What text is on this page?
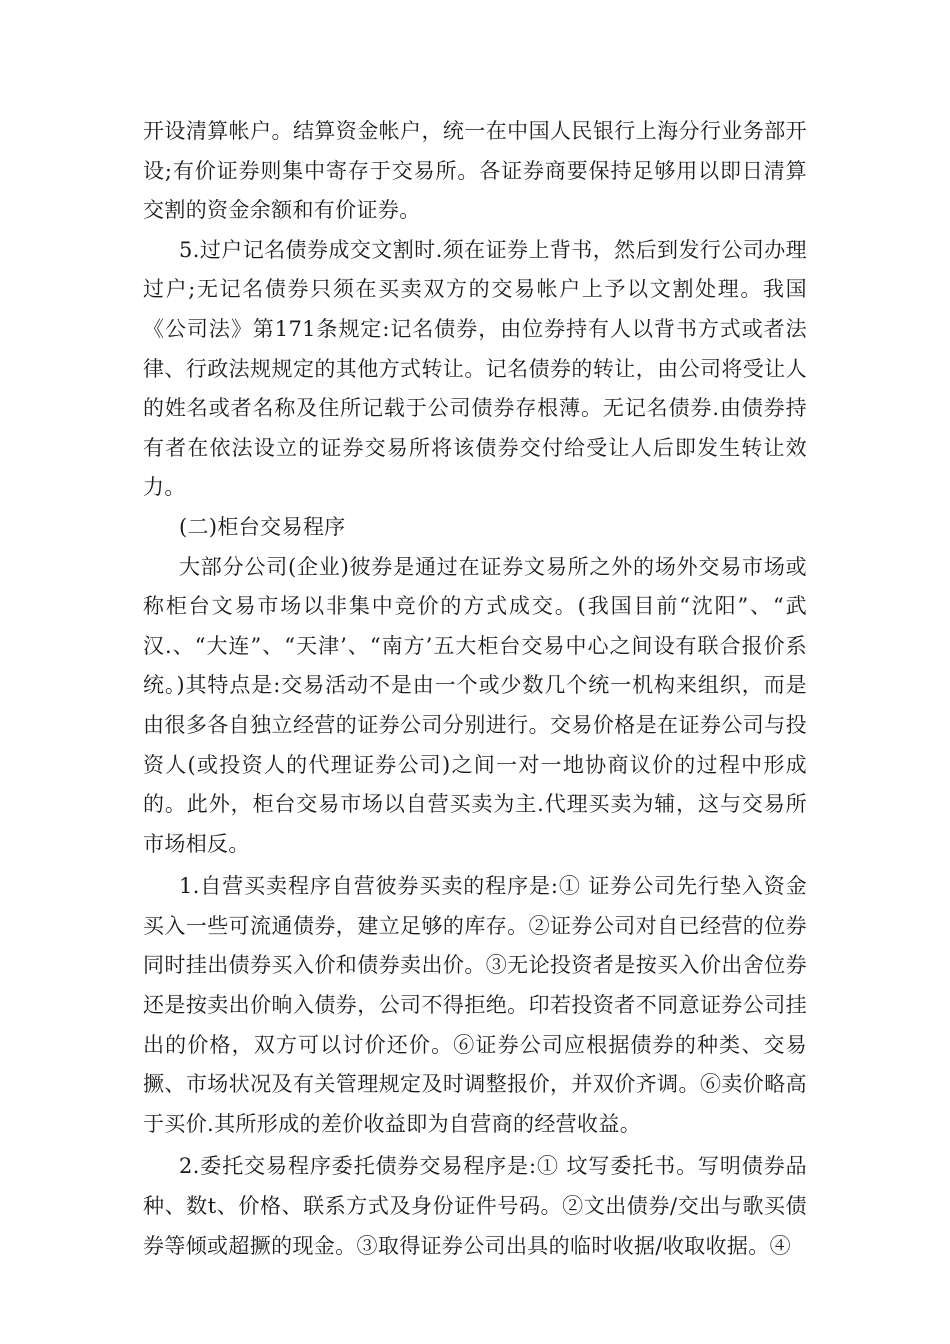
开设清算帐户。结算资金帐户，统一在中国人民银行上海分行业务部开设;有价证券则集中寄存于交易所。各证券商要保持足够用以即日清算交割的资金余额和有价证券。

5.过户记名债券成交文割时.须在证券上背书，然后到发行公司办理过户;无记名债券只须在买卖双方的交易帐户上予以文割处理。我国《公司法》第171条规定:记名债券，由位券持有人以背书方式或者法律、行政法规规定的其他方式转让。记名债券的转让，由公司将受让人的姓名或者名称及住所记载于公司债券存根薄。无记名债券.由债券持有者在依法设立的证券交易所将该债券交付给受让人后即发生转让效力。

(二)柜台交易程序

大部分公司(企业)彼券是通过在证券文易所之外的场外交易市场或称柜台文易市场以非集中竞价的方式成交。(我国目前“沈阳”、“武汉.、“大连”、“天津’、“南方’五大柜台交易中心之间设有联合报价系统。)其特点是:交易活动不是由一个或少数几个统一机构来组织，而是由很多各自独立经营的证券公司分别进行。交易价格是在证券公司与投资人(或投资人的代理证券公司)之间一对一地协商议价的过程中形成的。此外，柜台交易市场以自营买卖为主.代理买卖为辅，这与交易所市场相反。

1.自营买卖程序自营彼券买卖的程序是:① 证券公司先行垫入资金买入一些可流通债券，建立足够的库存。②证券公司对自已经营的位券同时挂出债券买入价和债券卖出价。③无论投资者是按买入价出舍位券还是按卖出价晌入债券，公司不得拒绝。印若投资者不同意证券公司挂出的价格，双方可以讨价还价。⑥证券公司应根据债券的种类、交易撅、市场状况及有关管理规定及时调整报价，并双价齐调。⑥卖价略高于买价.其所形成的差价收益即为自营商的经营收益。

2.委托交易程序委托债券交易程序是:① 坟写委托书。写明债券品种、数t、价格、联系方式及身份证件号码。②文出债券/交出与歌买债券等倾或超撅的现金。③取得证券公司出具的临时收据/收取收据。④
